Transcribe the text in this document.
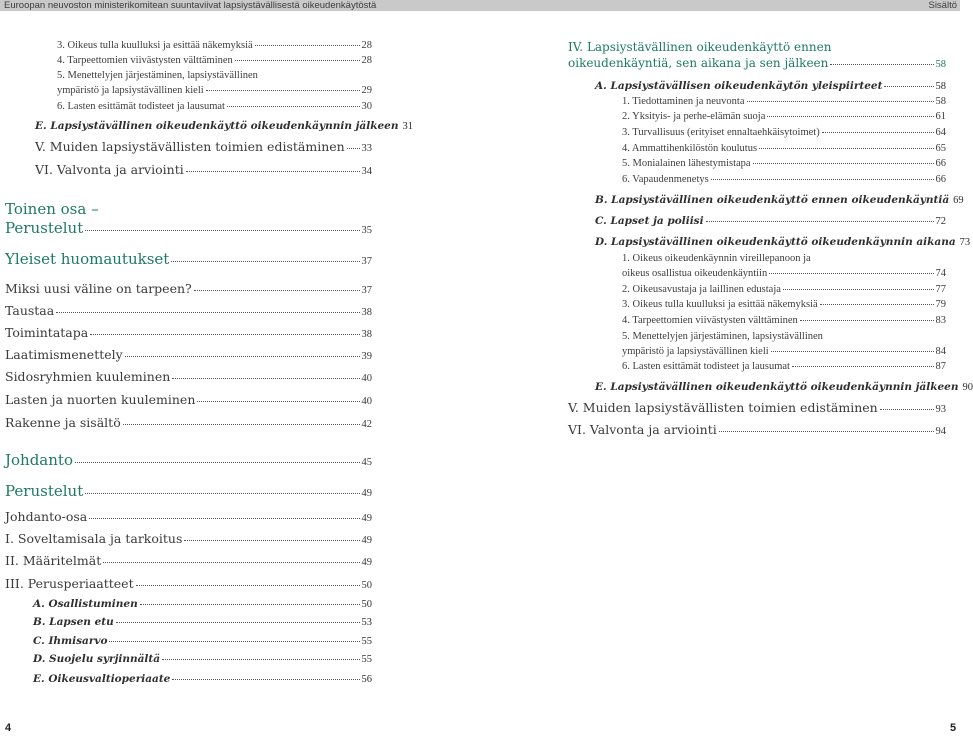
Euroopan neuvoston ministerikomitean suuntaviivat lapsiystävällisestä oikeudenkäytöstä	Sisältö
3. Oikeus tulla kuulluksi ja esittää näkemyksiä	28
4. Tarpeettomien viivästysten välttäminen	28
5. Menettelyjen järjestäminen, lapsiystävällinen
ympäristö ja lapsiystävällinen kieli	29
6. Lasten esittämät todisteet ja lausumat	30
E. Lapsiystävällinen oikeudenkäyttö oikeudenkäynnin jälkeen 31
V. Muiden lapsiystävällisten toimien edistäminen 33
VI. Valvonta ja arviointi	34
Toinen osa –
Perustelut	35
Yleiset huomautukset	37
Miksi uusi väline on tarpeen?	37
Taustaa	38
Toimintatapa	38
Laatimismenettely	39
Sidosryhmien kuuleminen	40
Lasten ja nuorten kuuleminen	40
Rakenne ja sisältö	42
Johdanto	45
Perustelut	49
Johdanto-osa	49
I. Soveltamisala ja tarkoitus	49
II. Määritelmät	49
III. Perusperiaatteet	50
A. Osallistuminen	50
B. Lapsen etu	53
C. Ihmisarvo	55
D. Suojelu syrjinnältä	55
E. Oikeusvaltioperiaate	56
IV. Lapsiystävällinen oikeudenkäyttö ennen
oikeudenkäyntiä, sen aikana ja sen jälkeen	58
A. Lapsiystävällisen oikeudenkäytön yleispiirteet	58
1. Tiedottaminen ja neuvonta	58
2. Yksityis- ja perhe-elämän suoja	61
3. Turvallisuus (erityiset ennaltaehkäisytoimet)	64
4. Ammattihenkilöstön koulutus	65
5. Monialainen lähestymistapa	66
6. Vapaudenmenetys	66
B. Lapsiystävällinen oikeudenkäyttö ennen oikeudenkäyntiä 69
C. Lapset ja poliisi	72
D. Lapsiystävällinen oikeudenkäyttö oikeudenkäynnin aikana 73
1. Oikeus oikeudenkäynnin vireillepanoon ja
oikeus osallistua oikeudenkäyntiin	74
2. Oikeusavustaja ja laillinen edustaja	77
3. Oikeus tulla kuulluksi ja esittää näkemyksiä	79
4. Tarpeettomien viivästysten välttäminen	83
5. Menettelyjen järjestäminen, lapsiystävällinen
ympäristö ja lapsiystävällinen kieli	84
6. Lasten esittämät todisteet ja lausumat	87
E. Lapsiystävällinen oikeudenkäyttö oikeudenkäynnin jälkeen 90
V. Muiden lapsiystävällisten toimien edistäminen	93
VI. Valvonta ja arviointi	94
4	5
